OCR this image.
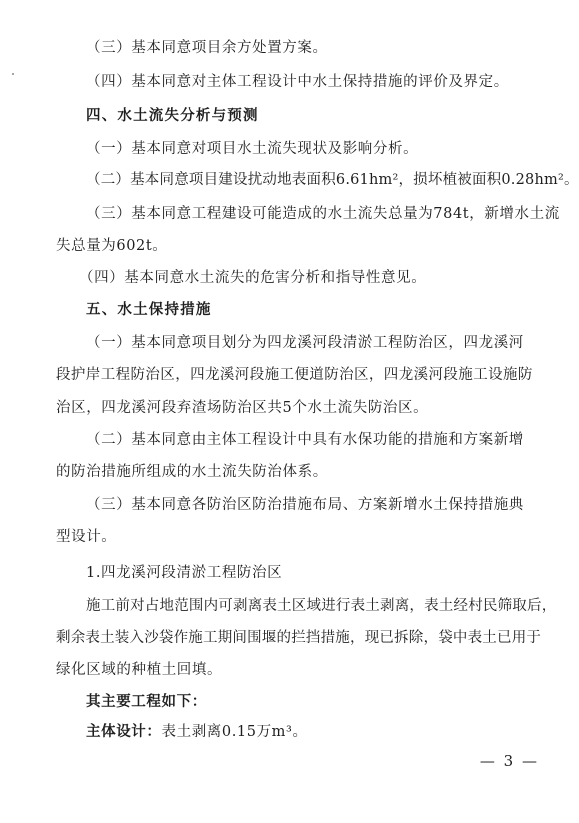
（三）基本同意项目余方处置方案。
（四）基本同意对主体工程设计中水土保持措施的评价及界定。
四、水土流失分析与预测
（一）基本同意对项目水土流失现状及影响分析。
（二）基本同意项目建设扰动地表面积6.61hm²，损坏植被面积0.28hm²。
（三）基本同意工程建设可能造成的水土流失总量为784t，新增水土流
失总量为602t。
（四）基本同意水土流失的危害分析和指导性意见。
五、水土保持措施
（一）基本同意项目划分为四龙溪河段清淤工程防治区，四龙溪河
段护岸工程防治区，四龙溪河段施工便道防治区，四龙溪河段施工设施防
治区，四龙溪河段弃渣场防治区共5个水土流失防治区。
（二）基本同意由主体工程设计中具有水保功能的措施和方案新增
的防治措施所组成的水土流失防治体系。
（三）基本同意各防治区防治措施布局、方案新增水土保持措施典
型设计。
1.四龙溪河段清淤工程防治区
施工前对占地范围内可剥离表土区域进行表土剥离，表土经村民筛取后，
剩余表土装入沙袋作施工期间围堰的拦挡措施，现已拆除，袋中表土已用于
绿化区域的种植土回填。
其主要工程如下：
主体设计：表土剥离0.15万m³。
— 3 —
